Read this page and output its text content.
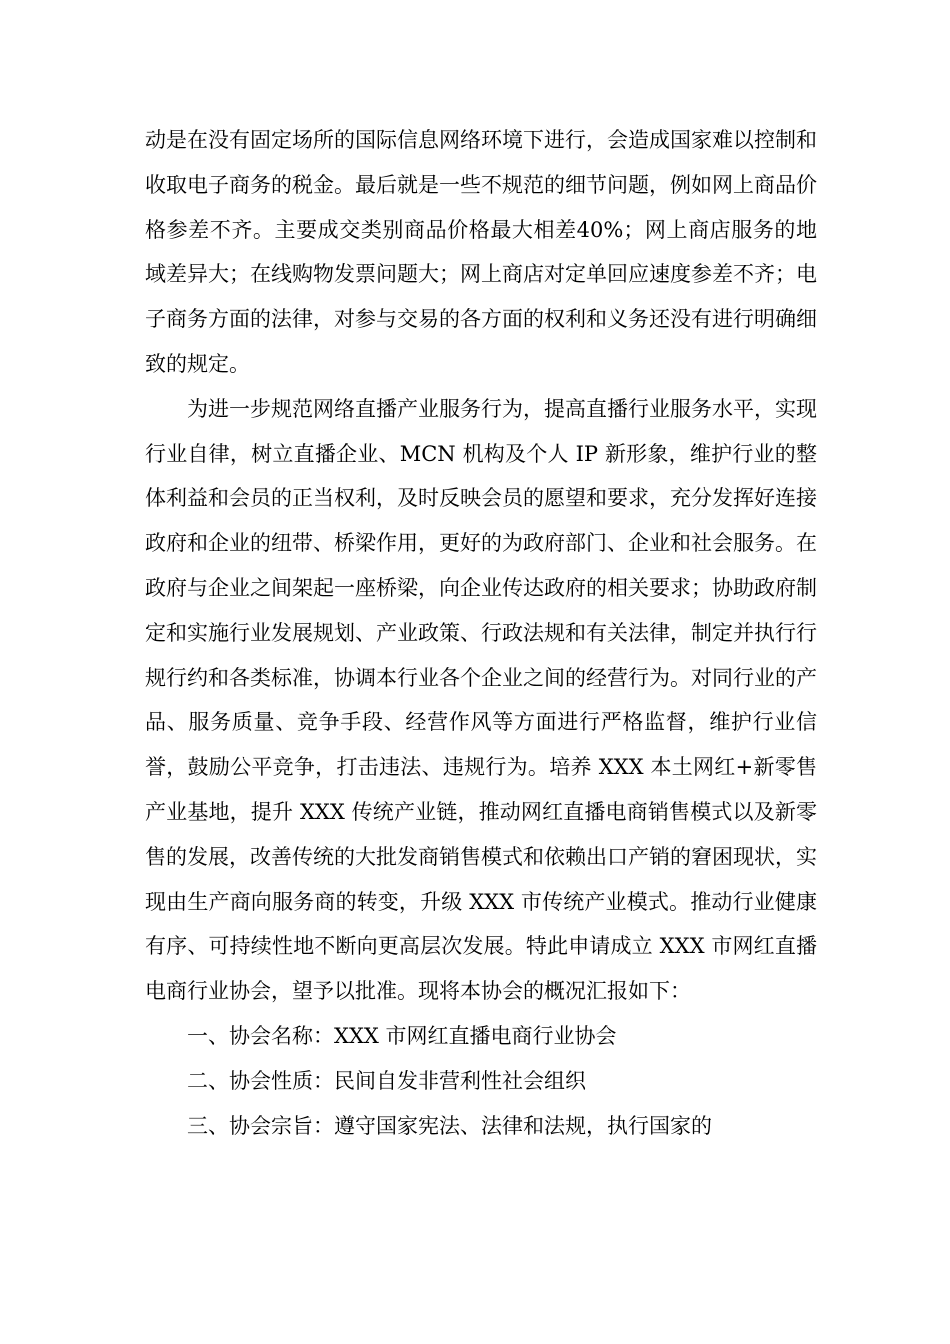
动是在没有固定场所的国际信息网络环境下进行，会造成国家难以控制和收取电子商务的税金。最后就是一些不规范的细节问题，例如网上商品价格参差不齐。主要成交类别商品价格最大相差40%；网上商店服务的地域差异大；在线购物发票问题大；网上商店对定单回应速度参差不齐；电子商务方面的法律，对参与交易的各方面的权利和义务还没有进行明确细致的规定。

为进一步规范网络直播产业服务行为，提高直播行业服务水平，实现行业自律，树立直播企业、MCN 机构及个人 IP 新形象，维护行业的整体利益和会员的正当权利，及时反映会员的愿望和要求，充分发挥好连接政府和企业的纽带、桥梁作用，更好的为政府部门、企业和社会服务。在政府与企业之间架起一座桥梁，向企业传达政府的相关要求；协助政府制定和实施行业发展规划、产业政策、行政法规和有关法律，制定并执行行规行约和各类标准，协调本行业各个企业之间的经营行为。对同行业的产品、服务质量、竞争手段、经营作风等方面进行严格监督，维护行业信誉，鼓励公平竞争，打击违法、违规行为。培养 XXX 本土网红+新零售产业基地，提升 XXX 传统产业链，推动网红直播电商销售模式以及新零售的发展，改善传统的大批发商销售模式和依赖出口产销的窘困现状，实现由生产商向服务商的转变，升级 XXX 市传统产业模式。推动行业健康有序、可持续性地不断向更高层次发展。特此申请成立 XXX 市网红直播电商行业协会，望予以批准。现将本协会的概况汇报如下：

一、协会名称：XXX 市网红直播电商行业协会

二、协会性质：民间自发非营利性社会组织

三、协会宗旨：遵守国家宪法、法律和法规，执行国家的
